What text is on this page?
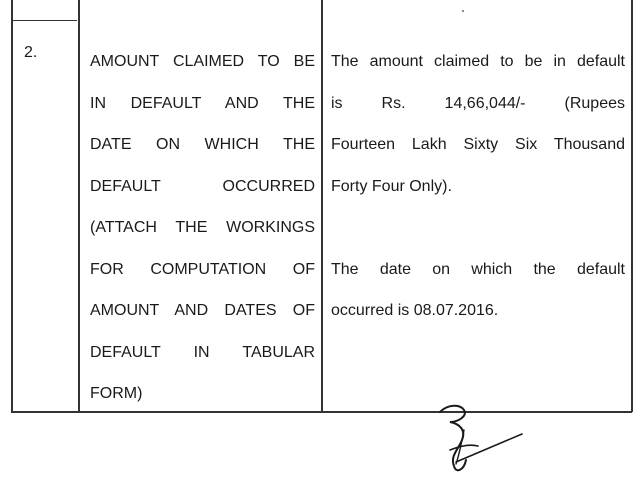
2.
AMOUNT CLAIMED TO BE
IN DEFAULT AND THE
DATE ON WHICH THE
DEFAULT OCCURRED
(ATTACH THE WORKINGS
FOR COMPUTATION OF
AMOUNT AND DATES OF
DEFAULT IN TABULAR
FORM)
The amount claimed to be in default
is Rs. 14,66,044/- (Rupees
Fourteen Lakh Sixty Six Thousand
Forty Four Only).
The date on which the default
occurred is 08.07.2016.
